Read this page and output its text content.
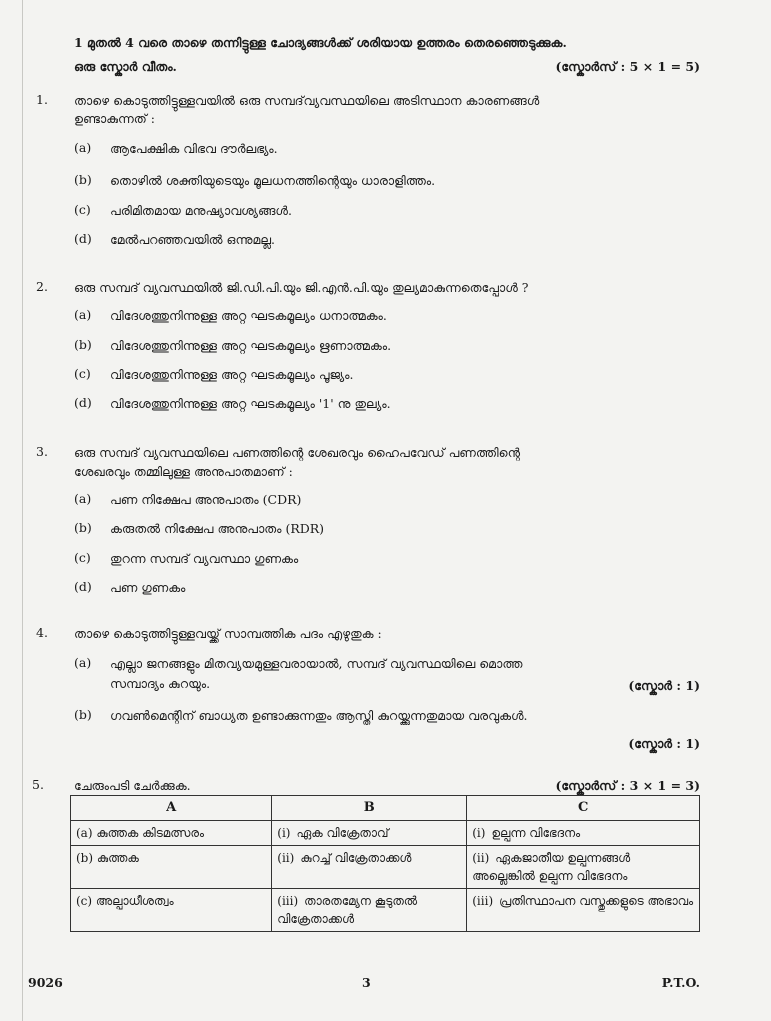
1 മുതൽ 4 വരെ താഴെ തന്നിട്ടുള്ള ചോദ്യങ്ങൾക്ക് ശരിയായ ഉത്തരം തെരഞ്ഞെടുക്കുക.
ഒരു സ്കോർ വീതം.	(സ്കോർസ് : 5 × 1 = 5)
1. താഴെ കൊടുത്തിട്ടുള്ളവയിൽ ഒരു സമ്പദ്‌വ്യവസ്ഥയിലെ അടിസ്ഥാന കാരണങ്ങൾ
ഉണ്ടാകുന്നത് :
(a) ആപേക്ഷിക വിഭവ ദൗർലഭ്യം.
(b) തൊഴിൽ ശക്തിയുടെയും മൂലധനത്തിന്റെയും ധാരാളിത്തം.
(c) പരിമിതമായ മനുഷ്യാവശ്യങ്ങൾ.
(d) മേൽപറഞ്ഞവയിൽ ഒന്നുമല്ല.
2. ഒരു സമ്പദ് വ്യവസ്ഥയിൽ ജി.ഡി.പി.യും ജി.എൻ.പി.യും തുല്യമാകുന്നതെപ്പോൾ ?
(a) വിദേശത്തുനിന്നുള്ള അറ്റ ഘടകമൂല്യം ധനാത്മകം.
(b) വിദേശത്തുനിന്നുള്ള അറ്റ ഘടകമൂല്യം ഋണാത്മകം.
(c) വിദേശത്തുനിന്നുള്ള അറ്റ ഘടകമൂല്യം പൂജ്യം.
(d) വിദേശത്തുനിന്നുള്ള അറ്റ ഘടകമൂല്യം '1' നു തുല്യം.
3. ഒരു സമ്പദ് വ്യവസ്ഥയിലെ പണത്തിന്റെ ശേഖരവും ഹൈപവേഡ് പണത്തിന്റെ
ശേഖരവും തമ്മിലുള്ള അനുപാതമാണ് :
(a) പണ നിക്ഷേപ അനുപാതം (CDR)
(b) കരുതൽ നിക്ഷേപ അനുപാതം (RDR)
(c) തുറന്ന സമ്പദ് വ്യവസ്ഥാ ഗുണകം
(d) പണ ഗുണകം
4. താഴെ കൊടുത്തിട്ടുള്ളവയ്ക്ക് സാമ്പത്തിക പദം എഴുതുക :
(a) എല്ലാ ജനങ്ങളും മിതവ്യയമുള്ളവരായാൽ, സമ്പദ് വ്യവസ്ഥയിലെ മൊത്ത
സമ്പാദ്യം കുറയും.	(സ്കോർ : 1)
(b) ഗവൺമെന്റിന് ബാധ്യത ഉണ്ടാക്കുന്നതും ആസ്തി കുറയ്ക്കുന്നതുമായ വരവുകൾ.
(സ്കോർ : 1)
5. ചേരുംപടി ചേർക്കുക.	(സ്കോർസ് : 3 × 1 = 3)
A	B	C
(a) കുത്തക കിടമത്സരം	(i) ഏക വിക്രേതാവ്	(i) ഉല്പന്ന വിഭേദനം
(b) കുത്തക	(ii) കുറച്ച് വിക്രേതാക്കൾ	(ii) ഏകജാതീയ ഉല്പന്നങ്ങൾ അല്ലെങ്കിൽ ഉല്പന്ന വിഭേദനം
(c) അല്പാധീശത്വം	(iii) താരതമ്യേന കൂടുതൽ വിക്രേതാക്കൾ	(iii) പ്രതിസ്ഥാപന വസ്തുക്കളുടെ അഭാവം
9026	3	P.T.O.
